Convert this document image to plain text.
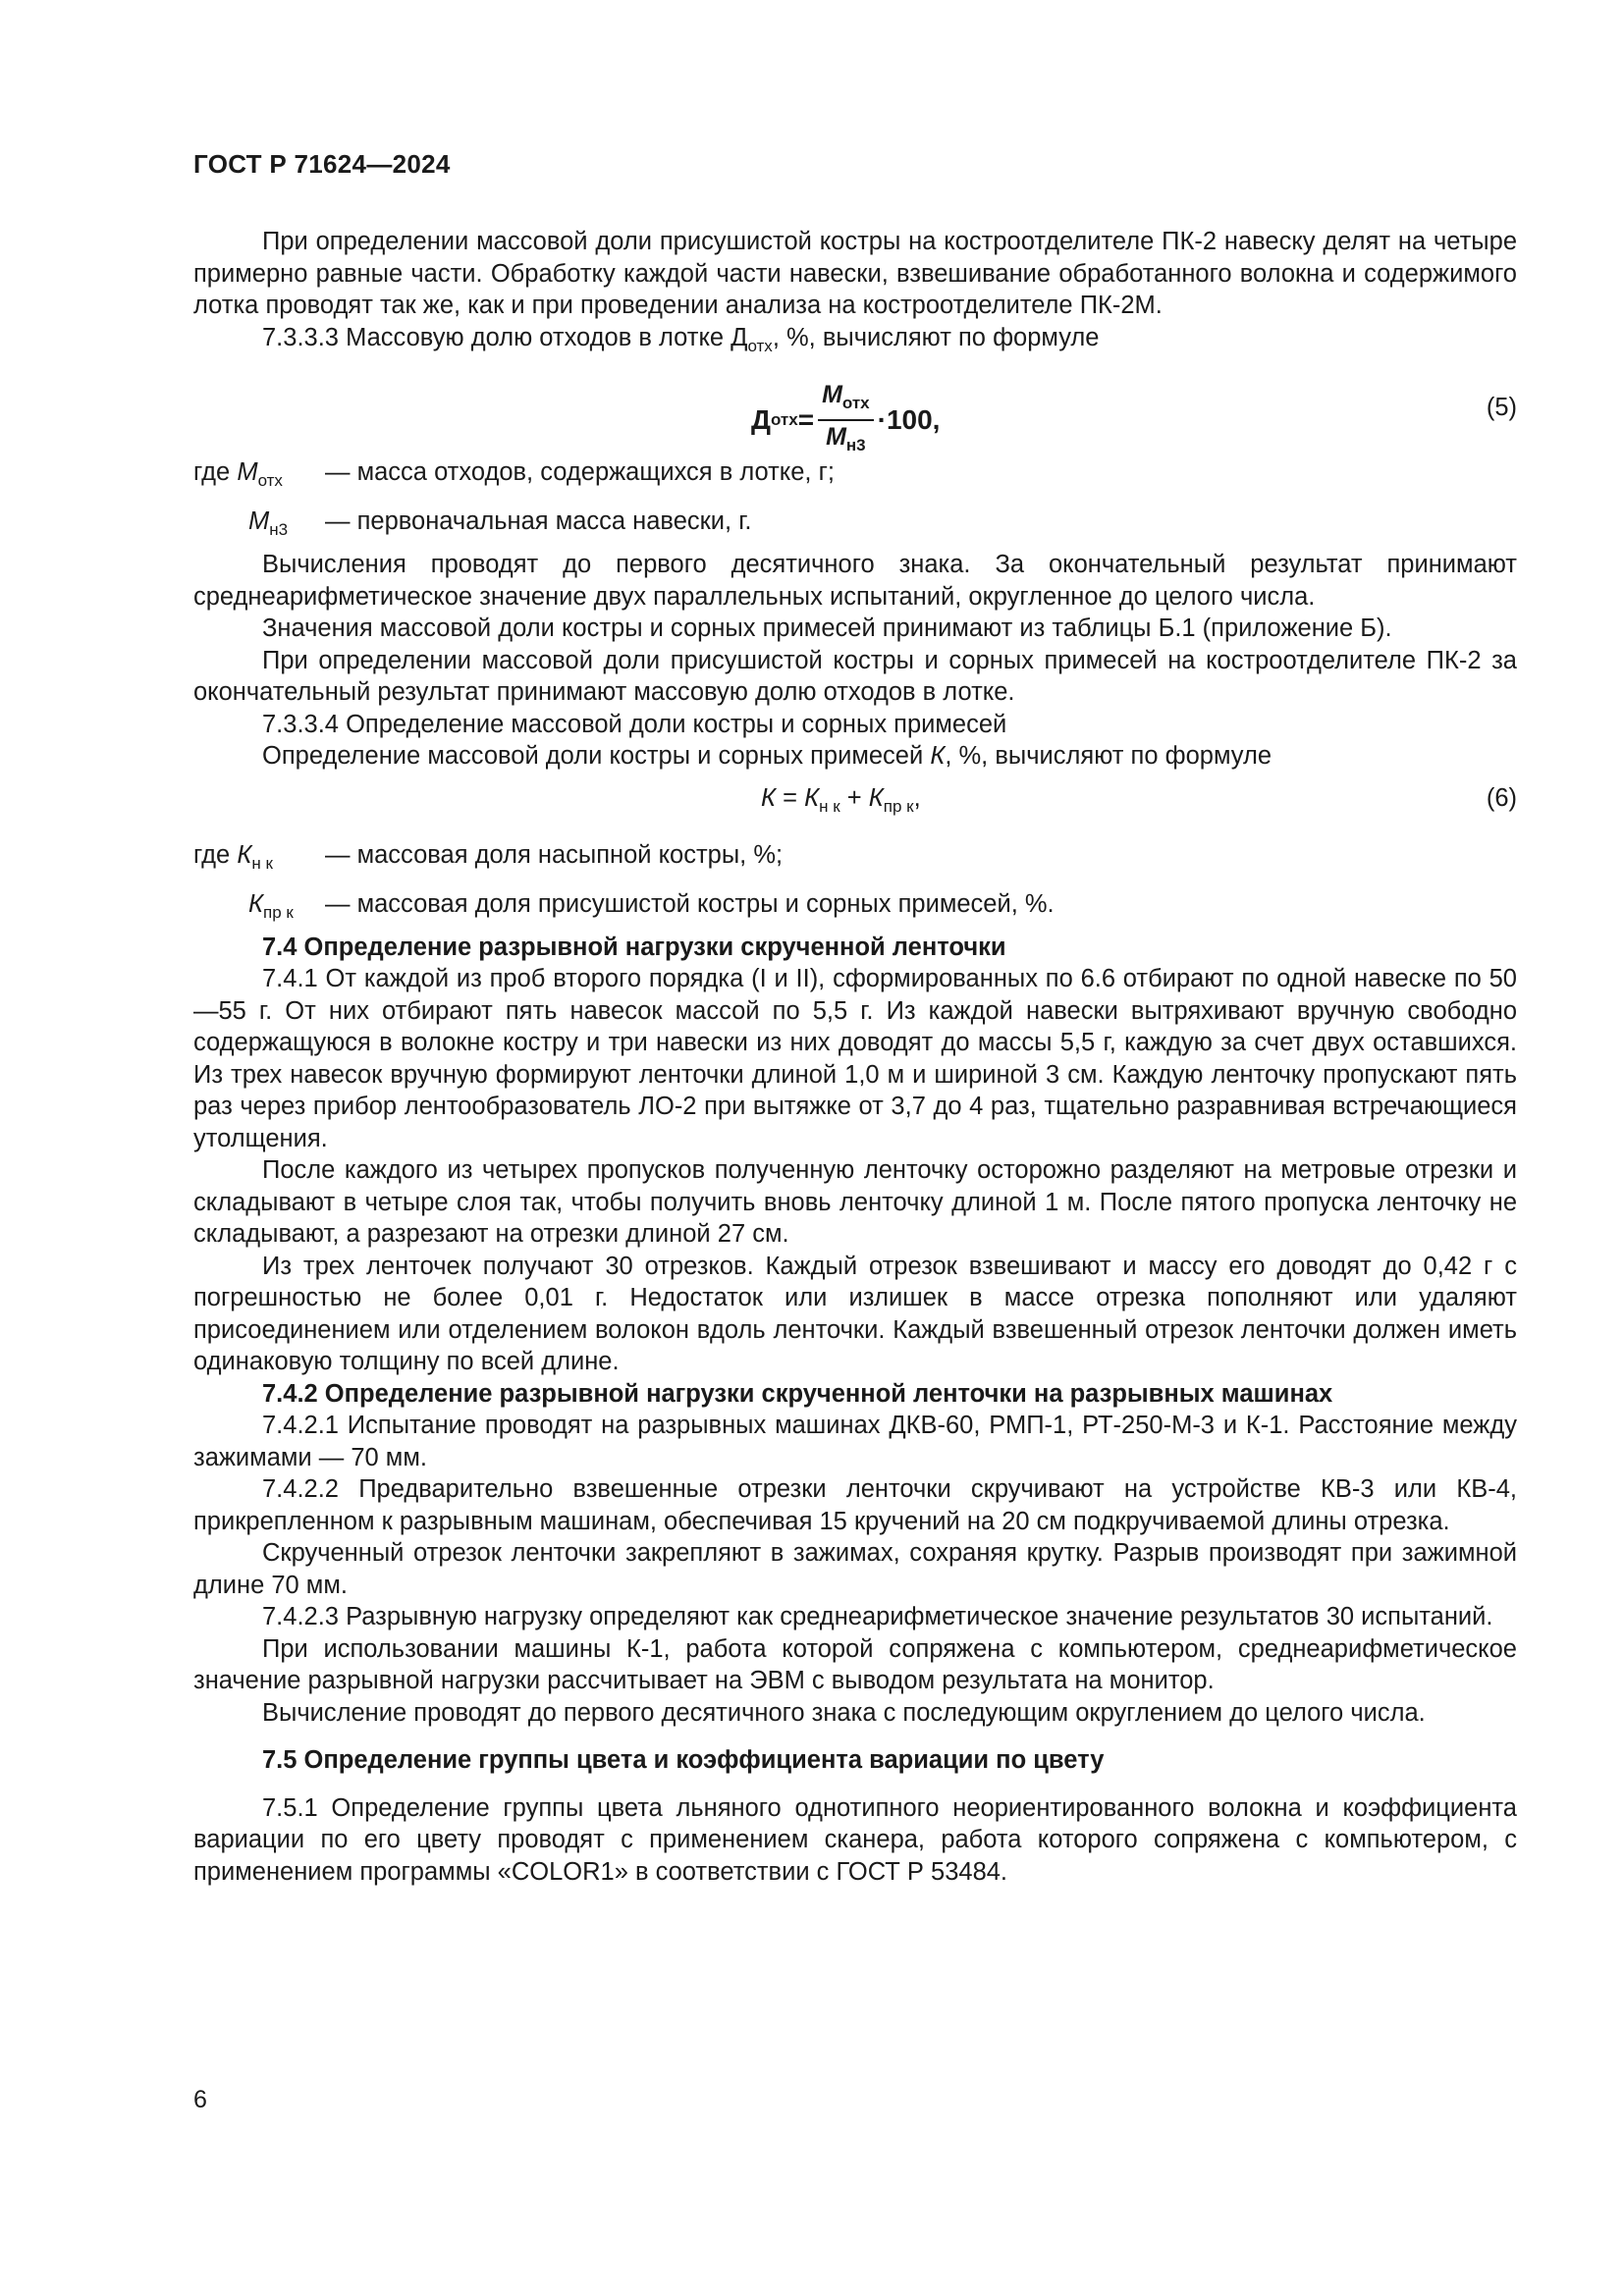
ГОСТ Р 71624—2024

При определении массовой доли присушистой костры на костроотделителе ПК-2 навеску делят на четыре примерно равные части. Обработку каждой части навески, взвешивание обработанного волокна и содержимого лотка проводят так же, как и при проведении анализа на костроотделителе ПК-2М.

7.3.3.3 Массовую долю отходов в лотке $Д_{отх}$, %, вычисляют по формуле

Д отх = $\frac{М_{отх}}{М_{н3}} \cdot 100$,	(5)
где $М_{отх}$ — масса отходов, содержащихся в лотке, г;
$М_{н3}$ — первоначальная масса навески, г.

Вычисления проводят до первого десятичного знака. За окончательный результат принимают среднеарифметическое значение двух параллельных испытаний, округленное до целого числа.

Значения массовой доли костры и сорных примесей принимают из таблицы Б.1 (приложение Б).

При определении массовой доли присушистой костры и сорных примесей на костроотделителе ПК-2 за окончательный результат принимают массовую долю отходов в лотке.

7.3.3.4 Определение массовой доли костры и сорных примесей

Определение массовой доли костры и сорных примесей К, %, вычисляют по формуле

$К = К_{н к} + К_{пр к}$,	(6)
где $К_{н к}$ — массовая доля насыпной костры, %;
$К_{пр к}$ — массовая доля присушистой костры и сорных примесей, %.

7.4 Определение разрывной нагрузки скрученной ленточки

7.4.1 От каждой из проб второго порядка (I и II), сформированных по 6.6 отбирают по одной навеске по 50—55 г. От них отбирают пять навесок массой по 5,5 г. Из каждой навески вытряхивают вручную свободно содержащуюся в волокне костру и три навески из них доводят до массы 5,5 г, каждую за счет двух оставшихся. Из трех навесок вручную формируют ленточки длиной 1,0 м и шириной 3 см. Каждую ленточку пропускают пять раз через прибор лентообразователь ЛО-2 при вытяжке от 3,7 до 4 раз, тщательно разравнивая встречающиеся утолщения.

После каждого из четырех пропусков полученную ленточку осторожно разделяют на метровые отрезки и складывают в четыре слоя так, чтобы получить вновь ленточку длиной 1 м. После пятого пропуска ленточку не складывают, а разрезают на отрезки длиной 27 см.

Из трех ленточек получают 30 отрезков. Каждый отрезок взвешивают и массу его доводят до 0,42 г с погрешностью не более 0,01 г. Недостаток или излишек в массе отрезка пополняют или удаляют присоединением или отделением волокон вдоль ленточки. Каждый взвешенный отрезок ленточки должен иметь одинаковую толщину по всей длине.

7.4.2 Определение разрывной нагрузки скрученной ленточки на разрывных машинах

7.4.2.1 Испытание проводят на разрывных машинах ДКВ-60, РМП-1, РТ-250-М-3 и К-1. Расстояние между зажимами — 70 мм.

7.4.2.2 Предварительно взвешенные отрезки ленточки скручивают на устройстве КВ-3 или КВ-4, прикрепленном к разрывным машинам, обеспечивая 15 кручений на 20 см подкручиваемой длины отрезка.

Скрученный отрезок ленточки закрепляют в зажимах, сохраняя крутку. Разрыв производят при зажимной длине 70 мм.

7.4.2.3 Разрывную нагрузку определяют как среднеарифметическое значение результатов 30 испытаний.

При использовании машины К-1, работа которой сопряжена с компьютером, среднеарифметическое значение разрывной нагрузки рассчитывает на ЭВМ с выводом результата на монитор.

Вычисление проводят до первого десятичного знака с последующим округлением до целого числа.

7.5 Определение группы цвета и коэффициента вариации по цвету

7.5.1 Определение группы цвета льняного однотипного неориентированного волокна и коэффициента вариации по его цвету проводят с применением сканера, работа которого сопряжена с компьютером, с применением программы «COLOR1» в соответствии с ГОСТ Р 53484.

6
